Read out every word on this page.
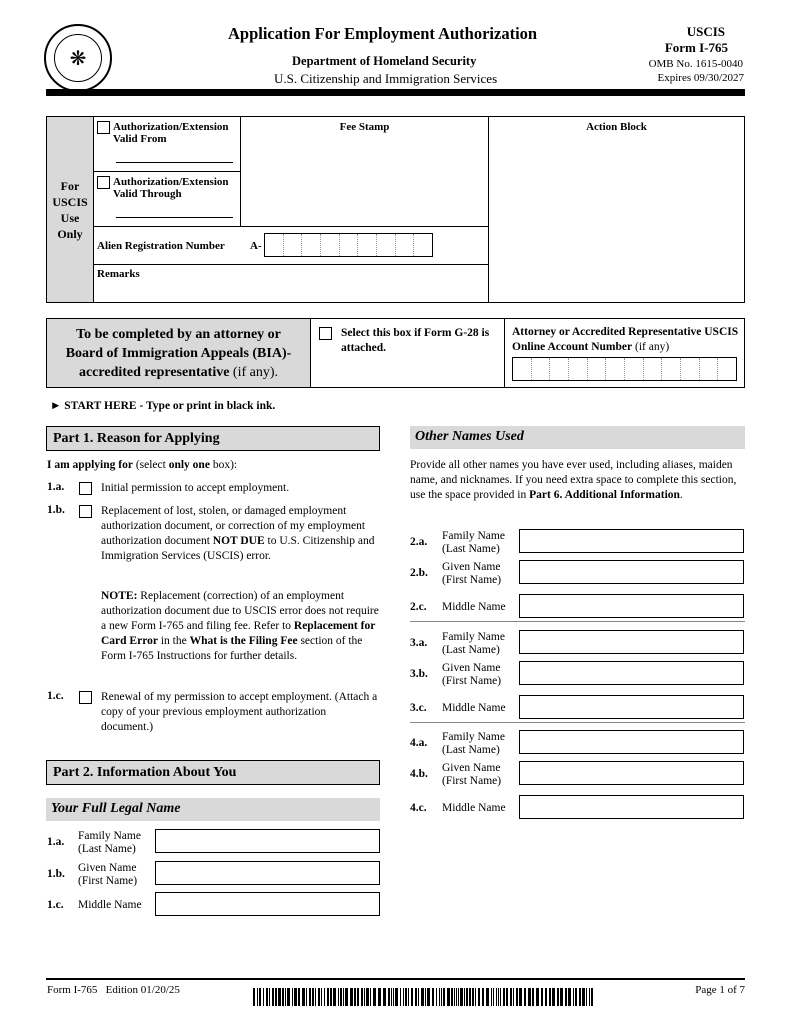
❋
Application For Employment Authorization
Department of Homeland Security
U.S. Citizenship and Immigration Services
USCIS
Form I-765
OMB No. 1615-0040
Expires 09/30/2027
For USCIS Use Only
Authorization/Extension Valid From
Authorization/Extension Valid Through
Fee Stamp	Action Block
Alien Registration Number A-
Remarks
To be completed by an attorney or
Board of Immigration Appeals (BIA)-
accredited representative (if any).
Select this box if Form G-28 is attached.
Attorney or Accredited Representative USCIS Online Account Number (if any)
► START HERE - Type or print in black ink.
Part 1. Reason for Applying
I am applying for (select only one box):
1.a.	Initial permission to accept employment.
1.b.	Replacement of lost, stolen, or damaged employment authorization document, or correction of my employment authorization document NOT DUE to U.S. Citizenship and Immigration Services (USCIS) error.
NOTE: Replacement (correction) of an employment authorization document due to USCIS error does not require a new Form I-765 and filing fee. Refer to Replacement for Card Error in the What is the Filing Fee section of the Form I-765 Instructions for further details.
1.c.	Renewal of my permission to accept employment. (Attach a copy of your previous employment authorization document.)
Part 2. Information About You
Your Full Legal Name
1.a. Family Name
(Last Name)
1.b. Given Name
(First Name)
1.c. Middle Name
Other Names Used
Provide all other names you have ever used, including aliases, maiden name, and nicknames. If you need extra space to complete this section, use the space provided in Part 6. Additional Information.
2.a. Family Name
(Last Name)
2.b. Given Name
(First Name)
2.c. Middle Name
3.a. Family Name
(Last Name)
3.b. Given Name
(First Name)
3.c. Middle Name
4.a. Family Name
(Last Name)
4.b. Given Name
(First Name)
4.c. Middle Name
Form I-765 Edition 01/20/25	Page 1 of 7
